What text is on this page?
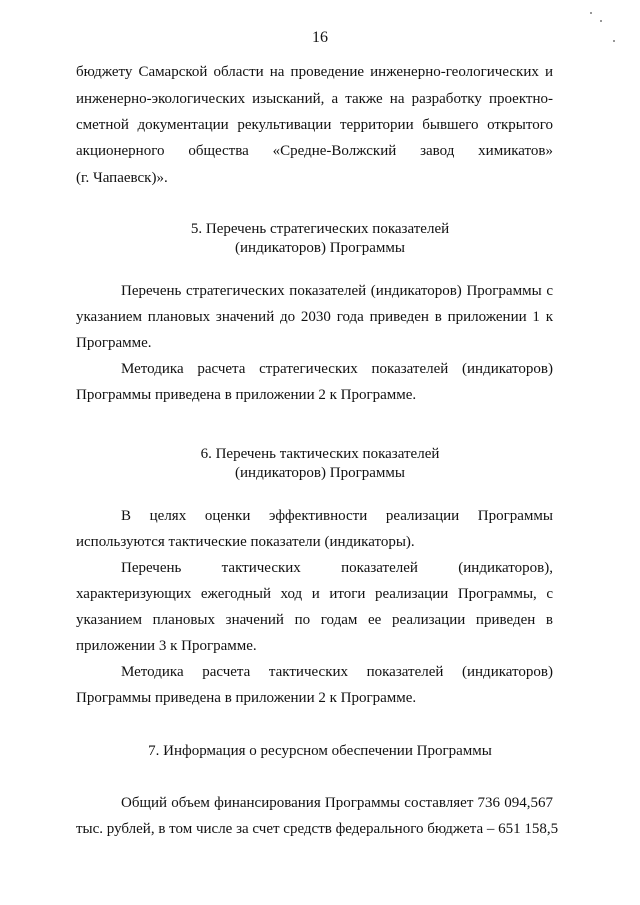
16
бюджету Самарской области на проведение инженерно-геологических и
инженерно-экологических изысканий, а также на разработку проектно-
сметной документации рекультивации территории бывшего открытого
акционерного общества «Средне-Волжский завод химикатов»
(г. Чапаевск)».
5. Перечень стратегических показателей
(индикаторов) Программы
Перечень стратегических показателей (индикаторов) Программы с
указанием плановых значений до 2030 года приведен в приложении 1 к
Программе.
Методика расчета стратегических показателей (индикаторов)
Программы приведена в приложении 2 к Программе.
6. Перечень тактических показателей
(индикаторов) Программы
В целях оценки эффективности реализации Программы
используются тактические показатели (индикаторы).
Перечень тактических показателей (индикаторов),
характеризующих ежегодный ход и итоги реализации Программы, с
указанием плановых значений по годам ее реализации приведен в
приложении 3 к Программе.
Методика расчета тактических показателей (индикаторов)
Программы приведена в приложении 2 к Программе.
7. Информация о ресурсном обеспечении Программы
Общий объем финансирования Программы составляет 736 094,567
тыс. рублей, в том числе за счет средств федерального бюджета – 651 158,5
